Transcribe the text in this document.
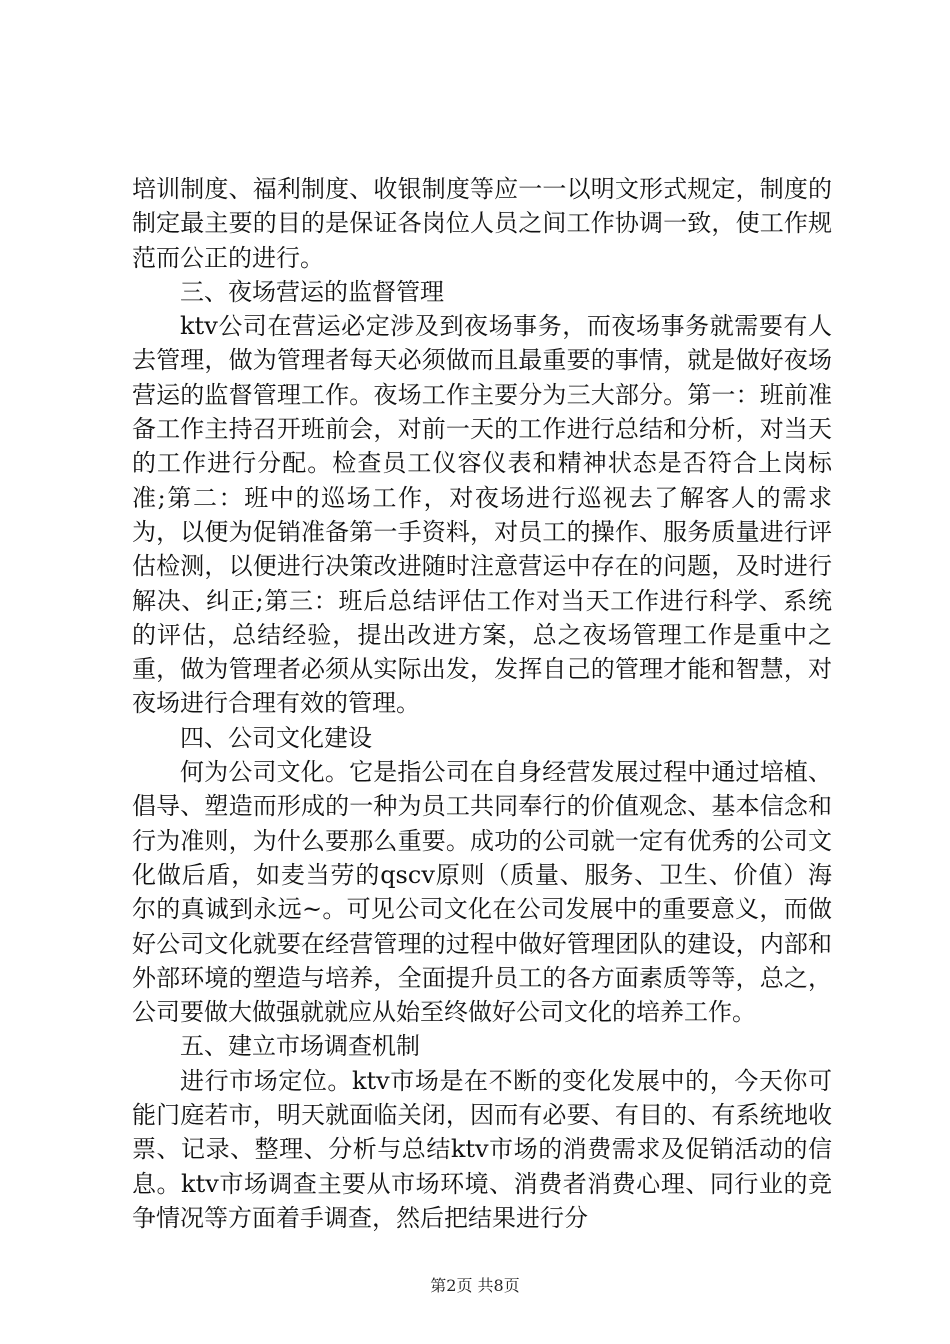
培训制度、福利制度、收银制度等应一一以明文形式规定，制度的制定最主要的目的是保证各岗位人员之间工作协调一致，使工作规范而公正的进行。

三、夜场营运的监督管理

ktv公司在营运必定涉及到夜场事务，而夜场事务就需要有人去管理，做为管理者每天必须做而且最重要的事情，就是做好夜场营运的监督管理工作。夜场工作主要分为三大部分。第一：班前准备工作主持召开班前会，对前一天的工作进行总结和分析，对当天的工作进行分配。检查员工仪容仪表和精神状态是否符合上岗标准;第二：班中的巡场工作，对夜场进行巡视去了解客人的需求为，以便为促销准备第一手资料，对员工的操作、服务质量进行评估检测，以便进行决策改进随时注意营运中存在的问题，及时进行解决、纠正;第三：班后总结评估工作对当天工作进行科学、系统的评估，总结经验，提出改进方案，总之夜场管理工作是重中之重，做为管理者必须从实际出发，发挥自己的管理才能和智慧，对夜场进行合理有效的管理。

四、公司文化建设

何为公司文化。它是指公司在自身经营发展过程中通过培植、倡导、塑造而形成的一种为员工共同奉行的价值观念、基本信念和行为准则，为什么要那么重要。成功的公司就一定有优秀的公司文化做后盾，如麦当劳的qscv原则（质量、服务、卫生、价值）海尔的真诚到永远~。可见公司文化在公司发展中的重要意义，而做好公司文化就要在经营管理的过程中做好管理团队的建设，内部和外部环境的塑造与培养，全面提升员工的各方面素质等等，总之，公司要做大做强就就应从始至终做好公司文化的培养工作。

五、建立市场调查机制

进行市场定位。ktv市场是在不断的变化发展中的，今天你可能门庭若市，明天就面临关闭，因而有必要、有目的、有系统地收票、记录、整理、分析与总结ktv市场的消费需求及促销活动的信息。ktv市场调查主要从市场环境、消费者消费心理、同行业的竞争情况等方面着手调查，然后把结果进行分

第2页 共8页
